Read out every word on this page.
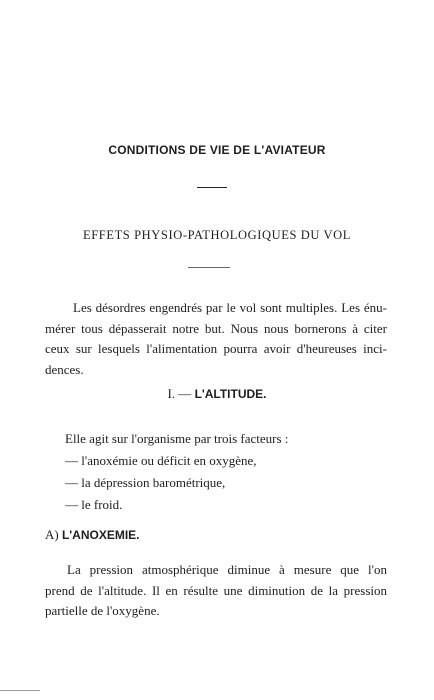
CONDITIONS DE VIE DE L'AVIATEUR
EFFETS PHYSIO-PATHOLOGIQUES DU VOL
Les désordres engendrés par le vol sont multiples. Les énu-
mérer tous dépasserait notre but. Nous nous bornerons à citer
ceux sur lesquels l'alimentation pourra avoir d'heureuses inci-
dences.
I. — L'ALTITUDE.
Elle agit sur l'organisme par trois facteurs :
— l'anoxémie ou déficit en oxygène,
— la dépression barométrique,
— le froid.
A) L'ANOXEMIE.
La pression atmosphérique diminue à mesure que l'on
prend de l'altitude. Il en résulte une diminution de la pression
partielle de l'oxygène.
